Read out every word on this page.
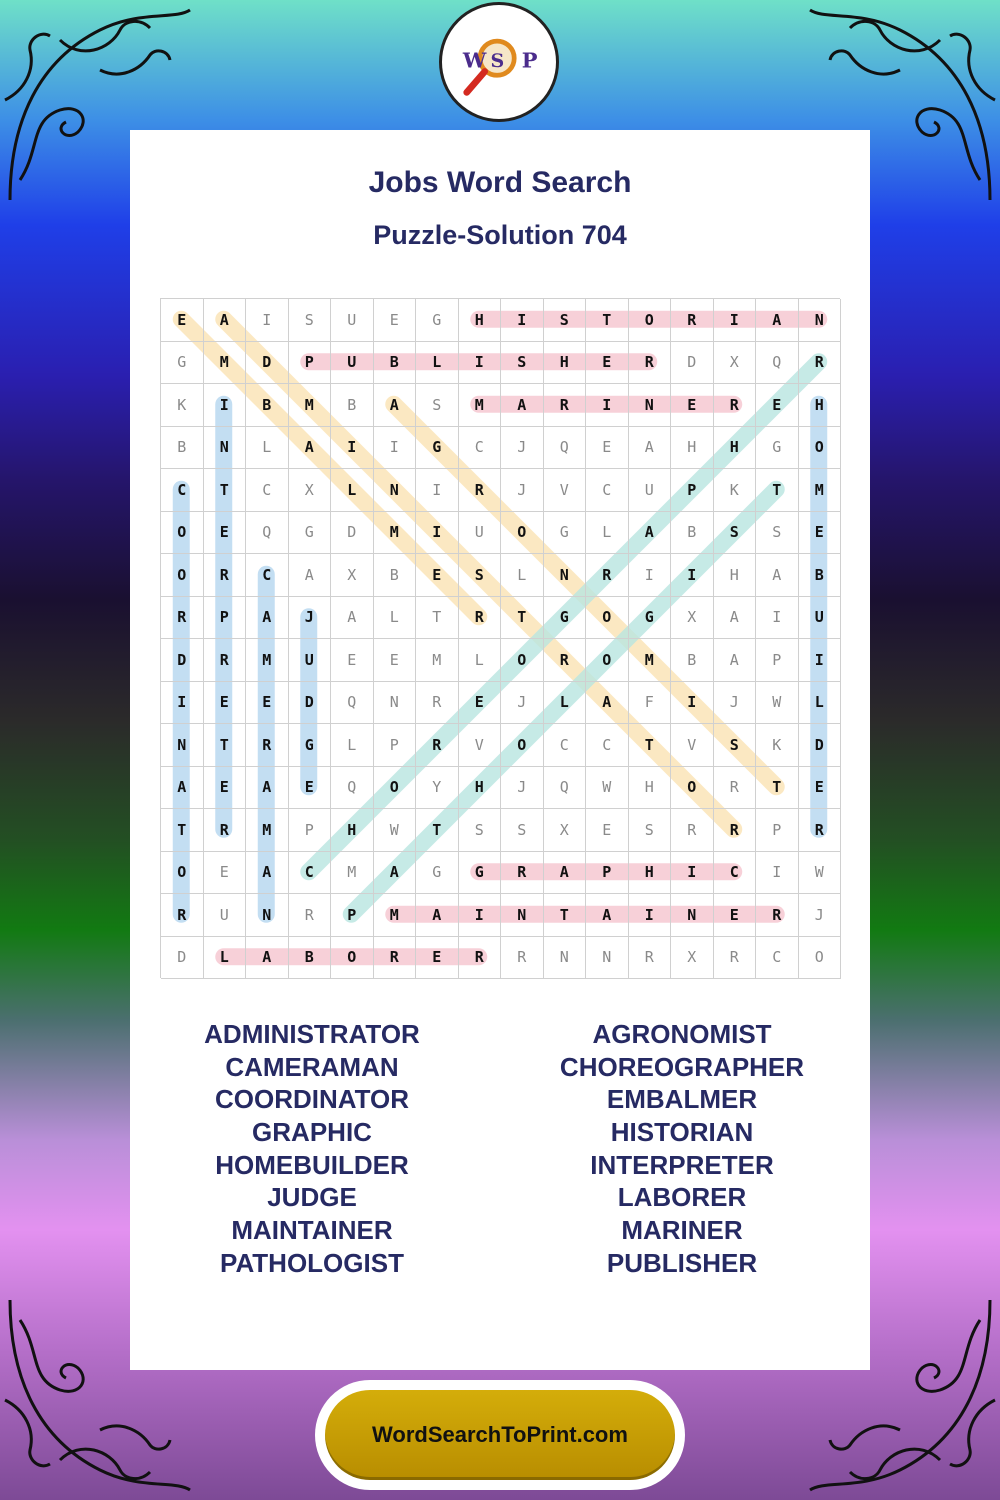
W S P
Jobs Word Search
Puzzle-Solution 704
E	A	I	S	U	E	G	H	I	S	T	O	R	I	A	N
G	M	D	P	U	B	L	I	S	H	E	R	D	X	Q	R
K	I	B	M	B	A	S	M	A	R	I	N	E	R	E	H
B	N	L	A	I	I	G	C	J	Q	E	A	H	H	G	O
C	T	C	X	L	N	I	R	J	V	C	U	P	K	T	M
O	E	Q	G	D	M	I	U	O	G	L	A	B	S	S	E
O	R	C	A	X	B	E	S	L	N	R	I	I	H	A	B
R	P	A	J	A	L	T	R	T	G	O	G	X	A	I	U
D	R	M	U	E	E	M	L	O	R	O	M	B	A	P	I
I	E	E	D	Q	N	R	E	J	L	A	F	I	J	W	L
N	T	R	G	L	P	R	V	O	C	C	T	V	S	K	D
A	E	A	E	Q	O	Y	H	J	Q	W	H	O	R	T	E
T	R	M	P	H	W	T	S	S	X	E	S	R	R	P	R
O	E	A	C	M	A	G	G	R	A	P	H	I	C	I	W
R	U	N	R	P	M	A	I	N	T	A	I	N	E	R	J
D	L	A	B	O	R	E	R	R	N	N	R	X	R	C	O
ADMINISTRATOR
CAMERAMAN
COORDINATOR
GRAPHIC
HOMEBUILDER
JUDGE
MAINTAINER
PATHOLOGIST
AGRONOMIST
CHOREOGRAPHER
EMBALMER
HISTORIAN
INTERPRETER
LABORER
MARINER
PUBLISHER
WordSearchToPrint.com
